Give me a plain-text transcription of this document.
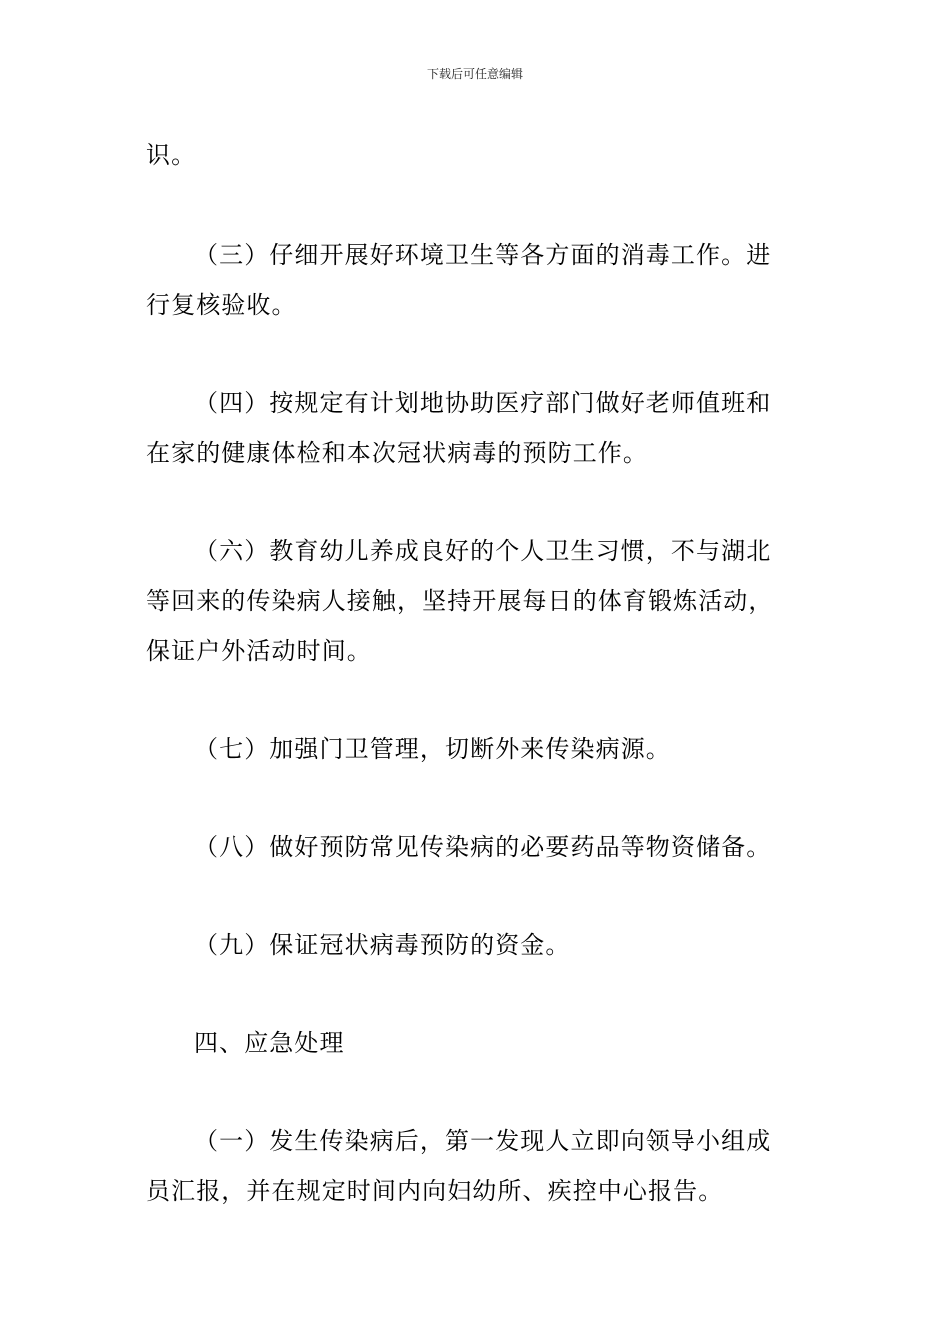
下载后可任意编辑
识。
（三）仔细开展好环境卫生等各方面的消毒工作。进
行复核验收。
（四）按规定有计划地协助医疗部门做好老师值班和
在家的健康体检和本次冠状病毒的预防工作。
（六）教育幼儿养成良好的个人卫生习惯，不与湖北
等回来的传染病人接触，坚持开展每日的体育锻炼活动，
保证户外活动时间。
（七）加强门卫管理，切断外来传染病源。
（八）做好预防常见传染病的必要药品等物资储备。
（九）保证冠状病毒预防的资金。
四、应急处理
（一）发生传染病后，第一发现人立即向领导小组成
员汇报，并在规定时间内向妇幼所、疾控中心报告。
